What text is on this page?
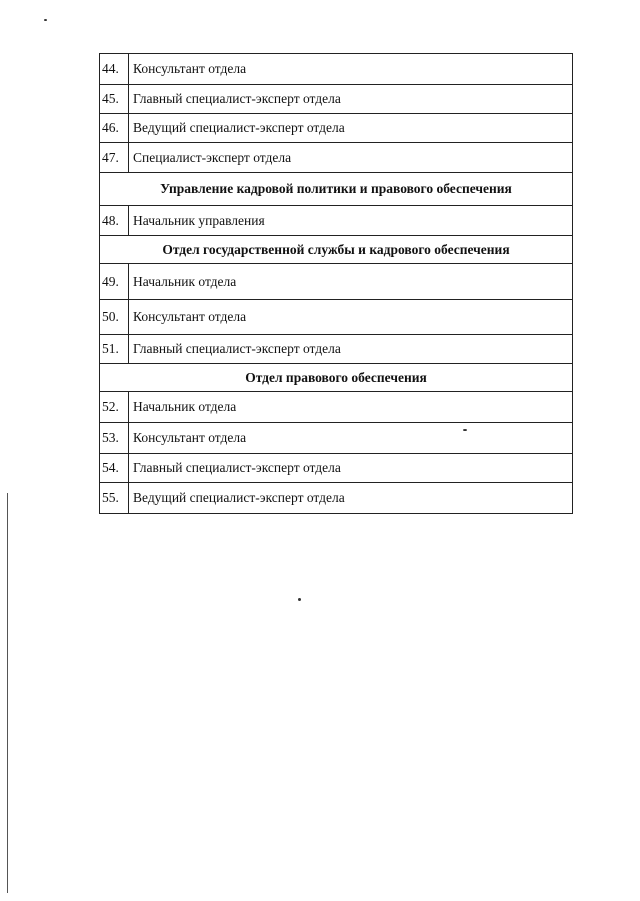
44.	Консультант отдела
45.	Главный специалист-эксперт отдела
46.	Ведущий специалист-эксперт отдела
47.	Специалист-эксперт отдела
Управление кадровой политики и правового обеспечения
48.	Начальник управления
Отдел государственной службы и кадрового обеспечения
49.	Начальник отдела
50.	Консультант отдела
51.	Главный специалист-эксперт отдела
Отдел правового обеспечения
52.	Начальник отдела
53.	Консультант отдела
54.	Главный специалист-эксперт отдела
55.	Ведущий специалист-эксперт отдела
